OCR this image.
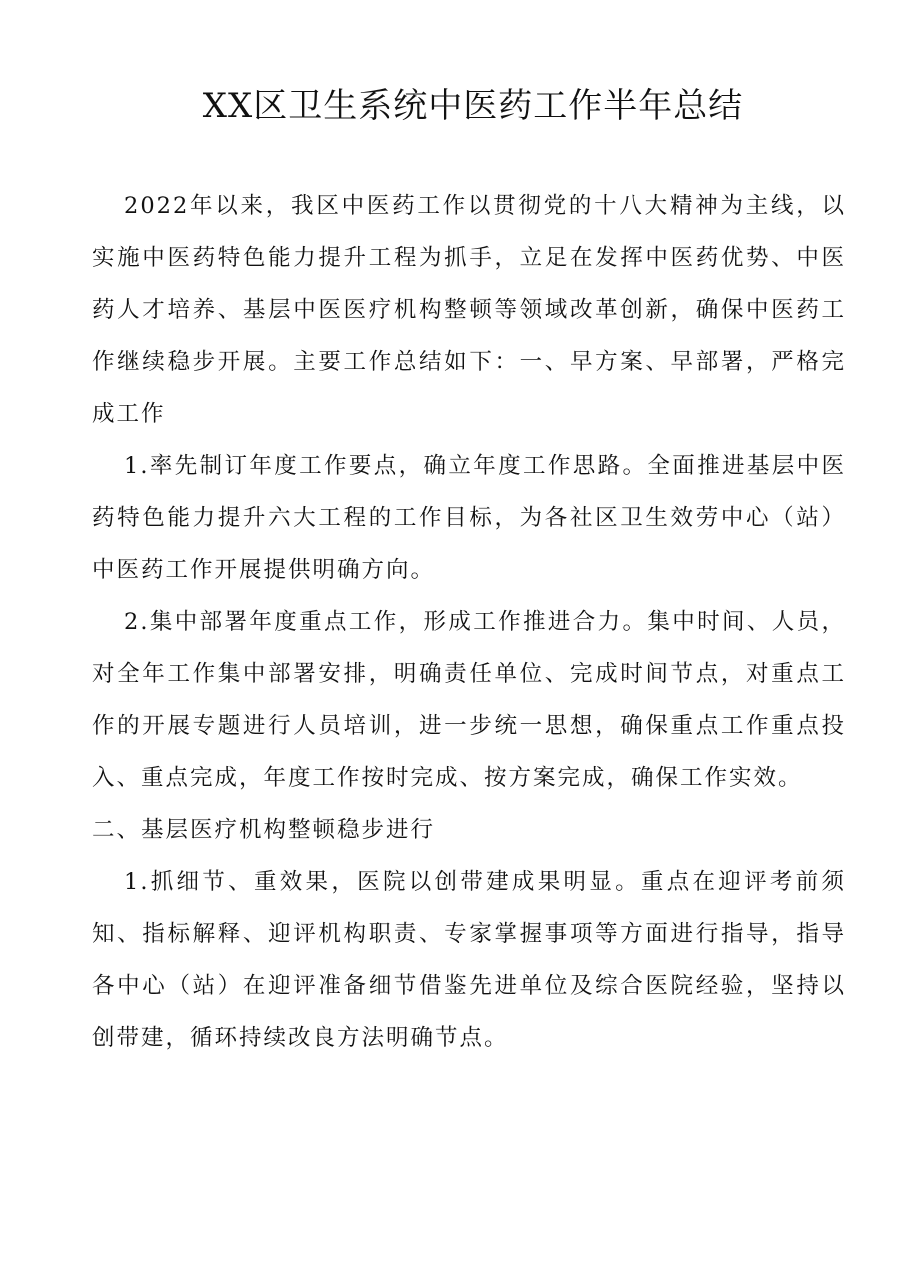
XX区卫生系统中医药工作半年总结

2022年以来，我区中医药工作以贯彻党的十八大精神为主线，以实施中医药特色能力提升工程为抓手，立足在发挥中医药优势、中医药人才培养、基层中医医疗机构整顿等领域改革创新，确保中医药工作继续稳步开展。主要工作总结如下：一、早方案、早部署，严格完成工作

1.率先制订年度工作要点，确立年度工作思路。全面推进基层中医药特色能力提升六大工程的工作目标，为各社区卫生效劳中心（站）中医药工作开展提供明确方向。

2.集中部署年度重点工作，形成工作推进合力。集中时间、人员，对全年工作集中部署安排，明确责任单位、完成时间节点，对重点工作的开展专题进行人员培训，进一步统一思想，确保重点工作重点投入、重点完成，年度工作按时完成、按方案完成，确保工作实效。

二、基层医疗机构整顿稳步进行

1.抓细节、重效果，医院以创带建成果明显。重点在迎评考前须知、指标解释、迎评机构职责、专家掌握事项等方面进行指导，指导各中心（站）在迎评准备细节借鉴先进单位及综合医院经验，坚持以创带建，循环持续改良方法明确节点。
